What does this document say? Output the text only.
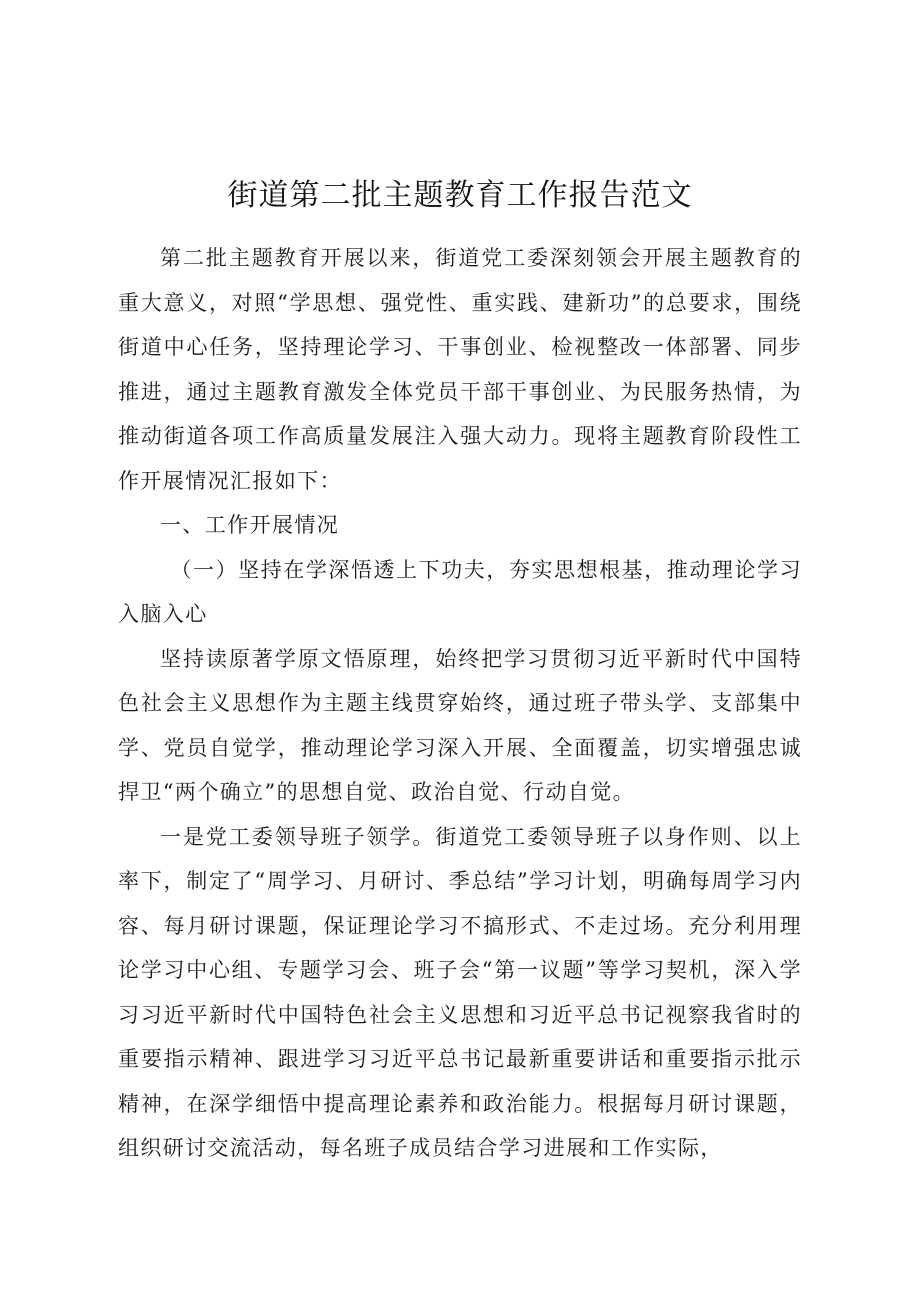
街道第二批主题教育工作报告范文

第二批主题教育开展以来，街道党工委深刻领会开展主题教育的重大意义，对照“学思想、强党性、重实践、建新功”的总要求，围绕街道中心任务，坚持理论学习、干事创业、检视整改一体部署、同步推进，通过主题教育激发全体党员干部干事创业、为民服务热情，为推动街道各项工作高质量发展注入强大动力。现将主题教育阶段性工作开展情况汇报如下：

一、工作开展情况

（一）坚持在学深悟透上下功夫，夯实思想根基，推动理论学习入脑入心

坚持读原著学原文悟原理，始终把学习贯彻习近平新时代中国特色社会主义思想作为主题主线贯穿始终，通过班子带头学、支部集中学、党员自觉学，推动理论学习深入开展、全面覆盖，切实增强忠诚捍卫“两个确立”的思想自觉、政治自觉、行动自觉。

一是党工委领导班子领学。街道党工委领导班子以身作则、以上率下，制定了“周学习、月研讨、季总结”学习计划，明确每周学习内容、每月研讨课题，保证理论学习不搞形式、不走过场。充分利用理论学习中心组、专题学习会、班子会“第一议题”等学习契机，深入学习习近平新时代中国特色社会主义思想和习近平总书记视察我省时的重要指示精神、跟进学习习近平总书记最新重要讲话和重要指示批示精神，在深学细悟中提高理论素养和政治能力。根据每月研讨课题，组织研讨交流活动，每名班子成员结合学习进展和工作实际，
